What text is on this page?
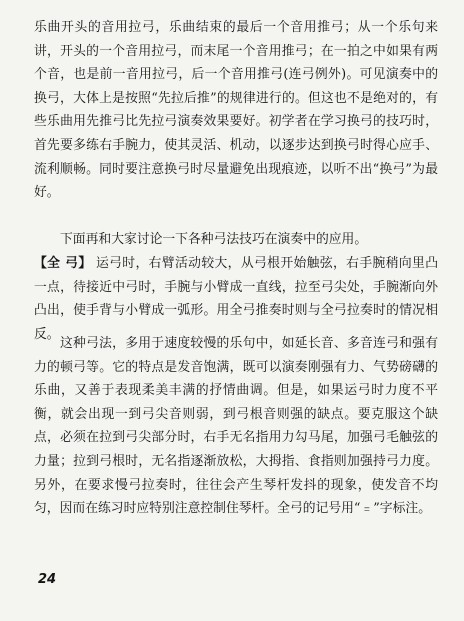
乐曲开头的音用拉弓，乐曲结束的最后一个音用推弓；从一个乐句来讲，开头的一个音用拉弓，而末尾一个音用推弓；在一拍之中如果有两个音，也是前一音用拉弓，后一个音用推弓(连弓例外)。可见演奏中的换弓，大体上是按照“先拉后推”的规律进行的。但这也不是绝对的，有些乐曲用先推弓比先拉弓演奏效果要好。初学者在学习换弓的技巧时，首先要多练右手腕力，使其灵活、机动，以逐步达到换弓时得心应手、流利顺畅。同时要注意换弓时尽量避免出现痕迹，以听不出“换弓”为最好。

下面再和大家讨论一下各种弓法技巧在演奏中的应用。

【全 弓】 运弓时，右臂活动较大，从弓根开始触弦，右手腕稍向里凸一点，待接近中弓时，手腕与小臂成一直线，拉至弓尖处，手腕渐向外凸出，使手背与小臂成一弧形。用全弓推奏时则与全弓拉奏时的情况相反。

这种弓法，多用于速度较慢的乐句中，如延长音、多音连弓和强有力的顿弓等。它的特点是发音饱满，既可以演奏刚强有力、气势磅礴的乐曲，又善于表现柔美丰满的抒情曲调。但是，如果运弓时力度不平衡，就会出现一到弓尖音则弱，到弓根音则强的缺点。要克服这个缺点，必须在拉到弓尖部分时，右手无名指用力勾马尾，加强弓毛触弦的力量；拉到弓根时，无名指逐渐放松，大拇指、食指则加强持弓力度。另外，在要求慢弓拉奏时，往往会产生琴杆发抖的现象，使发音不均匀，因而在练习时应特别注意控制住琴杆。全弓的记号用“﹦”字标注。

24
